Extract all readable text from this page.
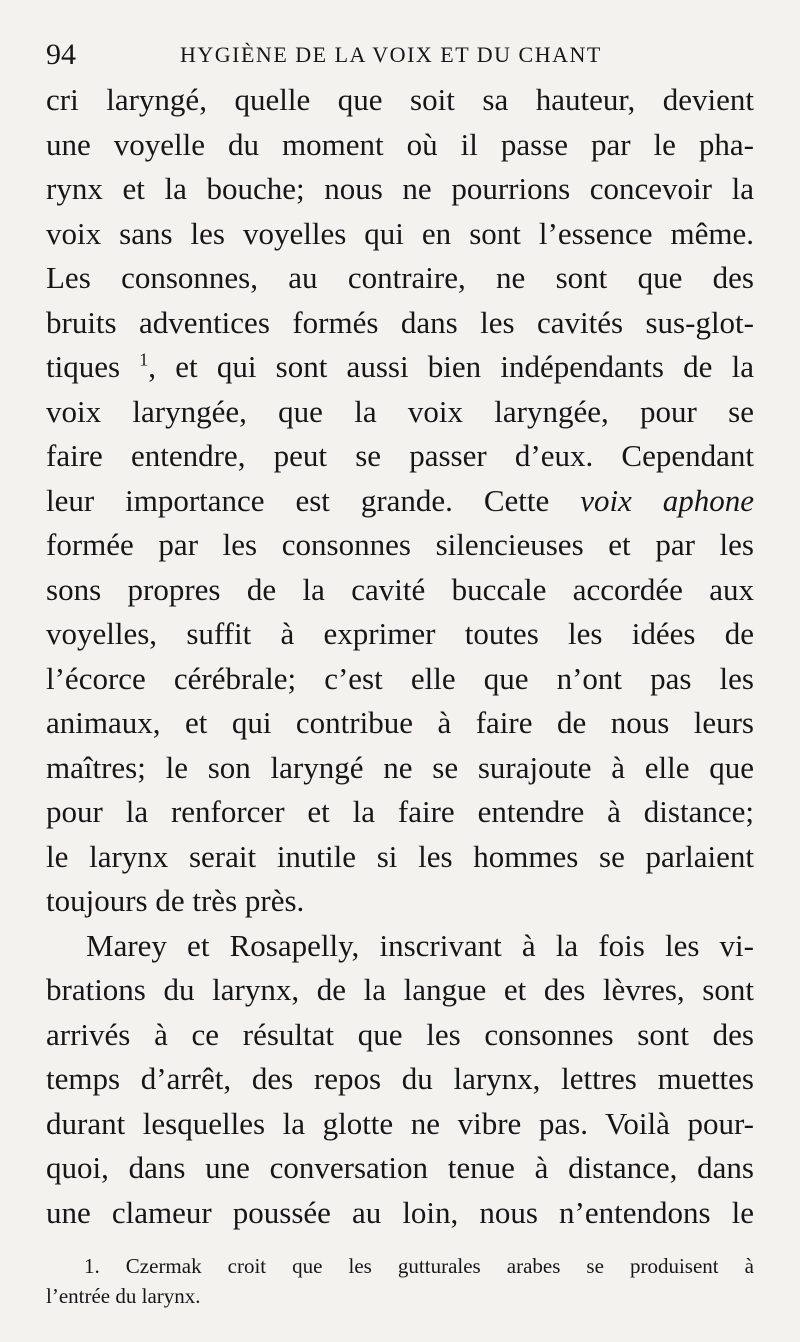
94	HYGIÈNE DE LA VOIX ET DU CHANT
cri laryngé, quelle que soit sa hauteur, devient
une voyelle du moment où il passe par le pha-
rynx et la bouche; nous ne pourrions concevoir la
voix sans les voyelles qui en sont l’essence même.
Les consonnes, au contraire, ne sont que des
bruits adventices formés dans les cavités sus-glot-
tiques $^1$, et qui sont aussi bien indépendants de la
voix laryngée, que la voix laryngée, pour se
faire entendre, peut se passer d’eux. Cependant
leur importance est grande. Cette voix aphone
formée par les consonnes silencieuses et par les
sons propres de la cavité buccale accordée aux
voyelles, suffit à exprimer toutes les idées de
l’écorce cérébrale; c’est elle que n’ont pas les
animaux, et qui contribue à faire de nous leurs
maîtres; le son laryngé ne se surajoute à elle que
pour la renforcer et la faire entendre à distance;
le larynx serait inutile si les hommes se parlaient
toujours de très près.
Marey et Rosapelly, inscrivant à la fois les vi-
brations du larynx, de la langue et des lèvres, sont
arrivés à ce résultat que les consonnes sont des
temps d’arrêt, des repos du larynx, lettres muettes
durant lesquelles la glotte ne vibre pas. Voilà pour-
quoi, dans une conversation tenue à distance, dans
une clameur poussée au loin, nous n’entendons le
1. Czermak croit que les gutturales arabes se produisent à
l’entrée du larynx.
